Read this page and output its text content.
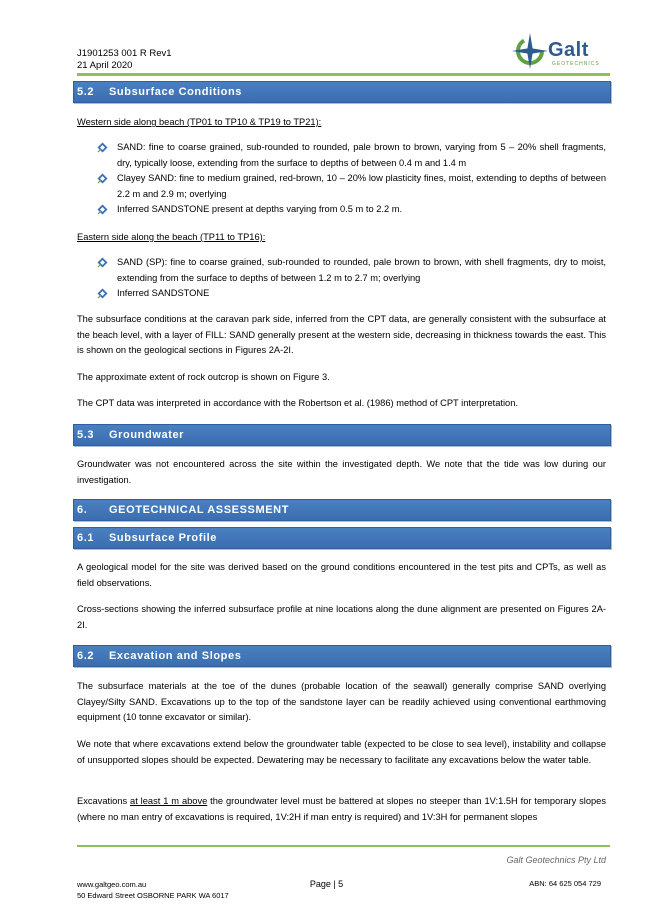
J1901253 001 R Rev1
21 April 2020
Galt
GEOTECHNICS
5.2 Subsurface Conditions
Western side along beach (TP01 to TP10 & TP19 to TP21):
SAND: fine to coarse grained, sub-rounded to rounded, pale brown to brown, varying from 5 – 20% shell fragments, dry, typically loose, extending from the surface to depths of between 0.4 m and 1.4 m
Clayey SAND: fine to medium grained, red-brown, 10 – 20% low plasticity fines, moist, extending to depths of between 2.2 m and 2.9 m; overlying
Inferred SANDSTONE present at depths varying from 0.5 m to 2.2 m.
Eastern side along the beach (TP11 to TP16):
SAND (SP): fine to coarse grained, sub-rounded to rounded, pale brown to brown, with shell fragments, dry to moist, extending from the surface to depths of between 1.2 m to 2.7 m; overlying
Inferred SANDSTONE
The subsurface conditions at the caravan park side, inferred from the CPT data, are generally consistent with the subsurface at the beach level, with a layer of FILL: SAND generally present at the western side, decreasing in thickness towards the east. This is shown on the geological sections in Figures 2A-2I.
The approximate extent of rock outcrop is shown on Figure 3.
The CPT data was interpreted in accordance with the Robertson et al. (1986) method of CPT interpretation.
5.3 Groundwater
Groundwater was not encountered across the site within the investigated depth. We note that the tide was low during our investigation.
6. GEOTECHNICAL ASSESSMENT
6.1 Subsurface Profile
A geological model for the site was derived based on the ground conditions encountered in the test pits and CPTs, as well as field observations.
Cross-sections showing the inferred subsurface profile at nine locations along the dune alignment are presented on Figures 2A-2I.
6.2 Excavation and Slopes
The subsurface materials at the toe of the dunes (probable location of the seawall) generally comprise SAND overlying Clayey/Silty SAND. Excavations up to the top of the sandstone layer can be readily achieved using conventional earthmoving equipment (10 tonne excavator or similar).
We note that where excavations extend below the groundwater table (expected to be close to sea level), instability and collapse of unsupported slopes should be expected. Dewatering may be necessary to facilitate any excavations below the water table.
Excavations at least 1 m above the groundwater level must be battered at slopes no steeper than 1V:1.5H for temporary slopes (where no man entry of excavations is required, 1V:2H if man entry is required) and 1V:3H for permanent slopes
Galt Geotechnics Pty Ltd
www.galtgeo.com.au
50 Edward Street OSBORNE PARK WA 6017
Page | 5	ABN: 64 625 054 729
